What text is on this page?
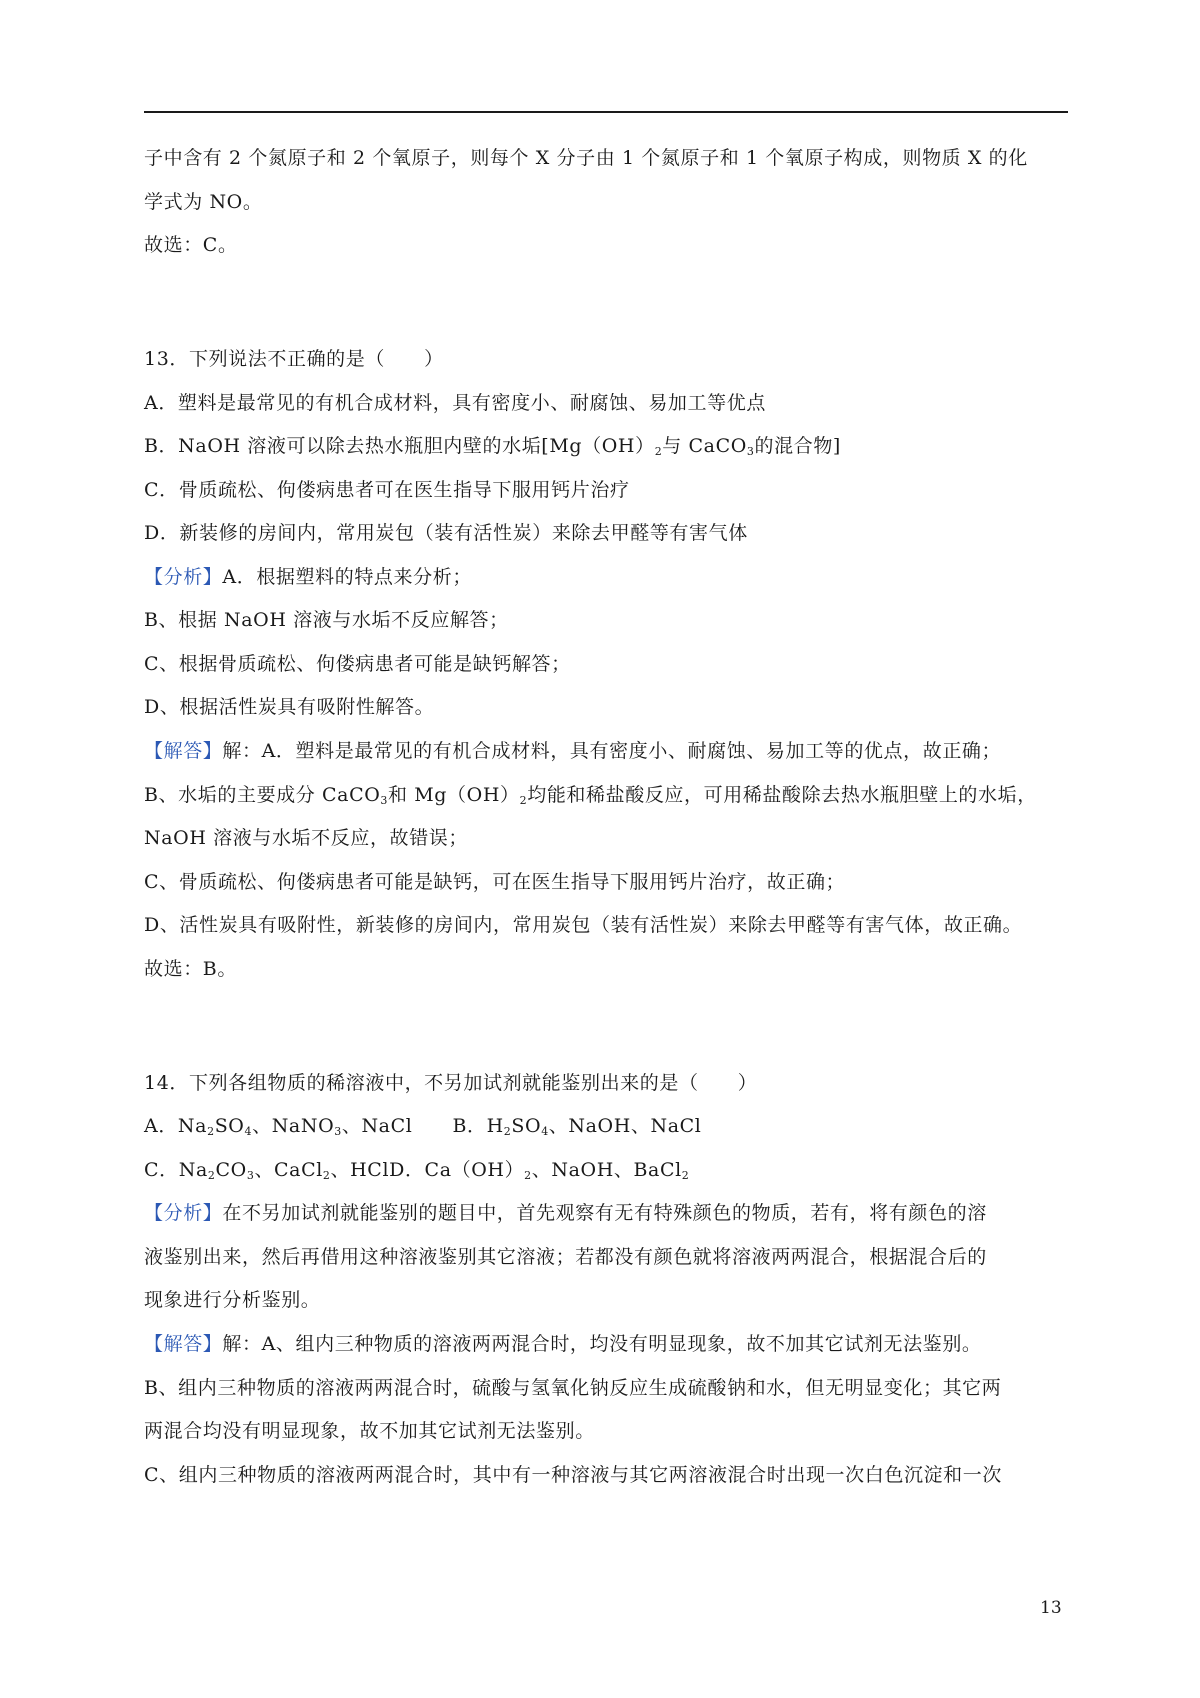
子中含有 2 个氮原子和 2 个氧原子，则每个 X 分子由 1 个氮原子和 1 个氧原子构成，则物质 X 的化
学式为 NO。
故选：C。
13．下列说法不正确的是（　　）
A．塑料是最常见的有机合成材料，具有密度小、耐腐蚀、易加工等优点
B．NaOH 溶液可以除去热水瓶胆内壁的水垢[$Mg(OH)_2$与 CaCO$_3$的混合物]
C．骨质疏松、佝偻病患者可在医生指导下服用钙片治疗
D．新装修的房间内，常用炭包（装有活性炭）来除去甲醛等有害气体
【分析】A．根据塑料的特点来分析；
B、根据 NaOH 溶液与水垢不反应解答；
C、根据骨质疏松、佝偻病患者可能是缺钙解答；
D、根据活性炭具有吸附性解答。
【解答】解：A．塑料是最常见的有机合成材料，具有密度小、耐腐蚀、易加工等的优点，故正确；
B、水垢的主要成分 CaCO$_3$和 $Mg(OH)_2$均能和稀盐酸反应，可用稀盐酸除去热水瓶胆壁上的水垢，
NaOH 溶液与水垢不反应，故错误；
C、骨质疏松、佝偻病患者可能是缺钙，可在医生指导下服用钙片治疗，故正确；
D、活性炭具有吸附性，新装修的房间内，常用炭包（装有活性炭）来除去甲醛等有害气体，故正确。
故选：B。
14．下列各组物质的稀溶液中，不另加试剂就能鉴别出来的是（　　）
A．$Na_2SO_4$、NaNO$_3$、NaCl B．$H_2SO_4$、NaOH、NaCl
C．$Na_2CO_3$、CaCl$_2$、HClD．$Ca(OH)_2$、NaOH、BaCl$_2$
【分析】在不另加试剂就能鉴别的题目中，首先观察有无有特殊颜色的物质，若有，将有颜色的溶
液鉴别出来，然后再借用这种溶液鉴别其它溶液；若都没有颜色就将溶液两两混合，根据混合后的
现象进行分析鉴别。
【解答】解：A、组内三种物质的溶液两两混合时，均没有明显现象，故不加其它试剂无法鉴别。
B、组内三种物质的溶液两两混合时，硫酸与氢氧化钠反应生成硫酸钠和水，但无明显变化；其它两
两混合均没有明显现象，故不加其它试剂无法鉴别。
C、组内三种物质的溶液两两混合时，其中有一种溶液与其它两溶液混合时出现一次白色沉淀和一次
13
